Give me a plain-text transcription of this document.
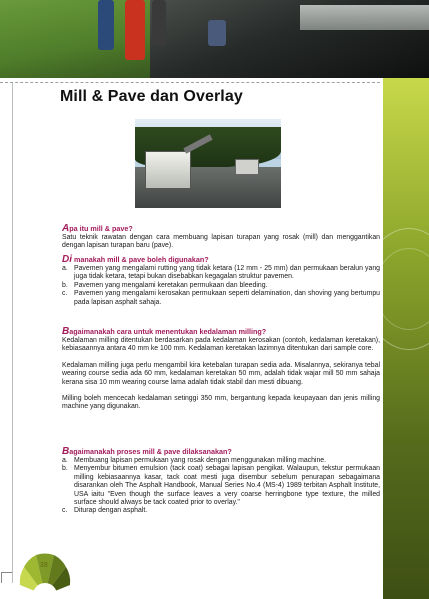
Mill & Pave dan Overlay
Apa itu mill & pave?

Satu teknik rawatan dengan cara membuang lapisan turapan yang rosak (mill) dan menggantikan dengan lapisan turapan baru (pave).

Di manakah mill & pave boleh digunakan?
a. Pavemen yang mengalami rutting yang tidak ketara (12 mm - 25 mm) dan permukaan beralun yang juga tidak ketara, tetapi bukan disebabkan kegagalan struktur pavemen.
b. Pavemen yang mengalami keretakan permukaan dan bleeding.
c. Pavemen yang mengalami kerosakan permukaan seperti delamination, dan shoving yang bertumpu pada lapisan asphalt sahaja.
Bagaimanakah cara untuk menentukan kedalaman milling?

Kedalaman milling ditentukan berdasarkan pada kedalaman kerosakan (contoh, kedalaman keretakan), kebiasaannya antara 40 mm ke 100 mm. Kedalaman keretakan lazimnya ditentukan dari sample core.

Kedalaman milling juga perlu mengambil kira ketebalan turapan sedia ada. Misalannya, sekiranya tebal wearing course sedia ada 60 mm, kedalaman keretakan 50 mm, adalah tidak wajar mill 50 mm sahaja kerana sisa 10 mm wearing course lama adalah tidak stabil dan mesti dibuang.

Milling boleh mencecah kedalaman setinggi 350 mm, bergantung kepada keupayaan dan jenis milling machine yang digunakan.

Bagaimanakah proses mill & pave dilaksanakan?
a. Membuang lapisan permukaan yang rosak dengan menggunakan milling machine.
b. Menyembur bitumen emulsion (tack coat) sebagai lapisan pengikat. Walaupun, tekstur permukaan milling kebiasaannya kasar, tack coat mesti juga disembur sebelum penurapan sebagaimana disarankan oleh The Asphalt Handbook, Manual Series No.4 (MS-4) 1989 terbitan Asphalt Institute, USA iaitu "Even though the surface leaves a very coarse herringbone type texture, the milled surface should always be tack coated prior to overlay."
c. Diturap dengan asphalt.
38
